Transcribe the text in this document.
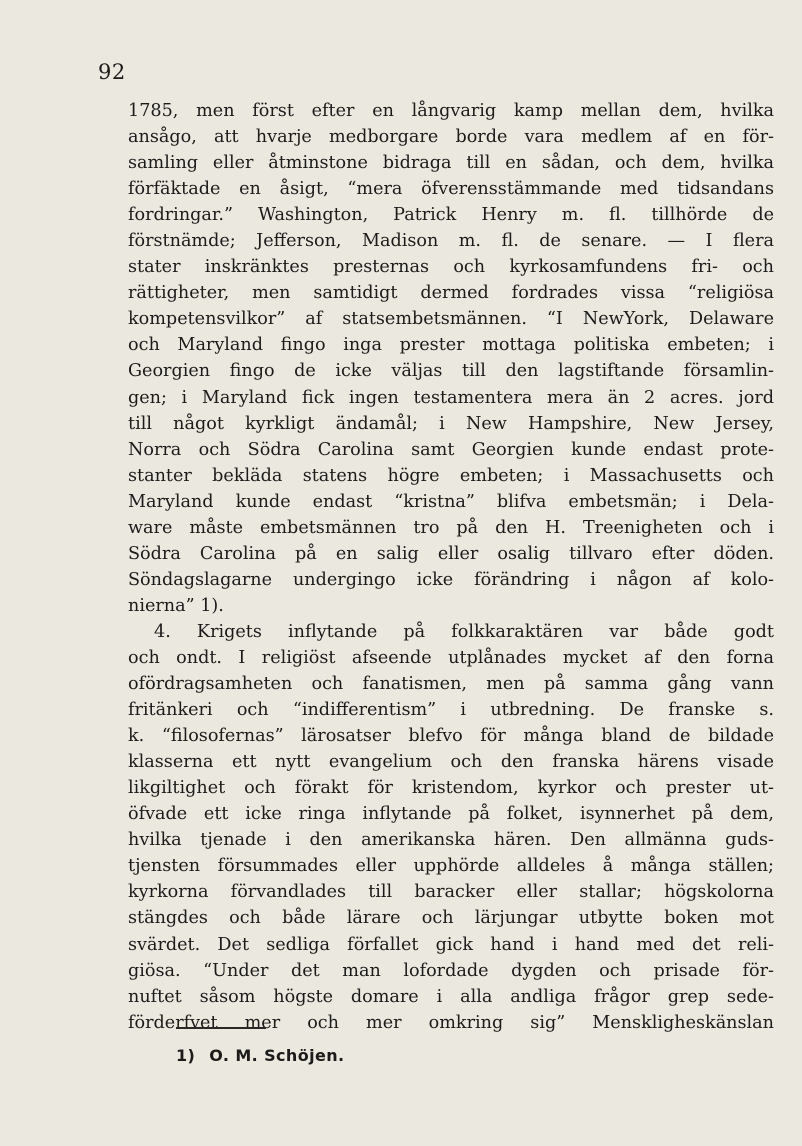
92
1785, men först efter en långvarig kamp mellan dem, hvilka
ansågo, att hvarje medborgare borde vara medlem af en för-
samling eller åtminstone bidraga till en sådan, och dem, hvilka
förfäktade en åsigt, “mera öfverensstämmande med tidsandans
fordringar.” Washington, Patrick Henry m. fl. tillhörde de
förstnämde; Jefferson, Madison m. fl. de senare. — I flera
stater inskränktes presternas och kyrkosamfundens fri- och
rättigheter, men samtidigt dermed fordrades vissa “religiösa
kompetensvilkor” af statsembetsmännen. “I NewYork, Delaware
och Maryland fingo inga prester mottaga politiska embeten; i
Georgien fingo de icke väljas till den lagstiftande församlin-
gen; i Maryland fick ingen testamentera mera än 2 acres. jord
till något kyrkligt ändamål; i New Hampshire, New Jersey,
Norra och Södra Carolina samt Georgien kunde endast prote-
stanter bekläda statens högre embeten; i Massachusetts och
Maryland kunde endast “kristna” blifva embetsmän; i Dela-
ware måste embetsmännen tro på den H. Treenigheten och i
Södra Carolina på en salig eller osalig tillvaro efter döden.
Söndagslagarne undergingo icke förändring i någon af kolo-
nierna” 1).
4. Krigets inflytande på folkkaraktären var både godt
och ondt. I religiöst afseende utplånades mycket af den forna
ofördragsamheten och fanatismen, men på samma gång vann
fritänkeri och “indifferentism” i utbredning. De franske s.
k. “filosofernas” lärosatser blefvo för många bland de bildade
klasserna ett nytt evangelium och den franska härens visade
likgiltighet och förakt för kristendom, kyrkor och prester ut-
öfvade ett icke ringa inflytande på folket, isynnerhet på dem,
hvilka tjenade i den amerikanska hären. Den allmänna guds-
tjensten försummades eller upphörde alldeles å många ställen;
kyrkorna förvandlades till baracker eller stallar; högskolorna
stängdes och både lärare och lärjungar utbytte boken mot
svärdet. Det sedliga förfallet gick hand i hand med det reli-
giösa. “Under det man lofordade dygden och prisade för-
nuftet såsom högste domare i alla andliga frågor grep sede-
förderfvet mer och mer omkring sig” Menskligheskänslan
1) O. M. Schöjen.
